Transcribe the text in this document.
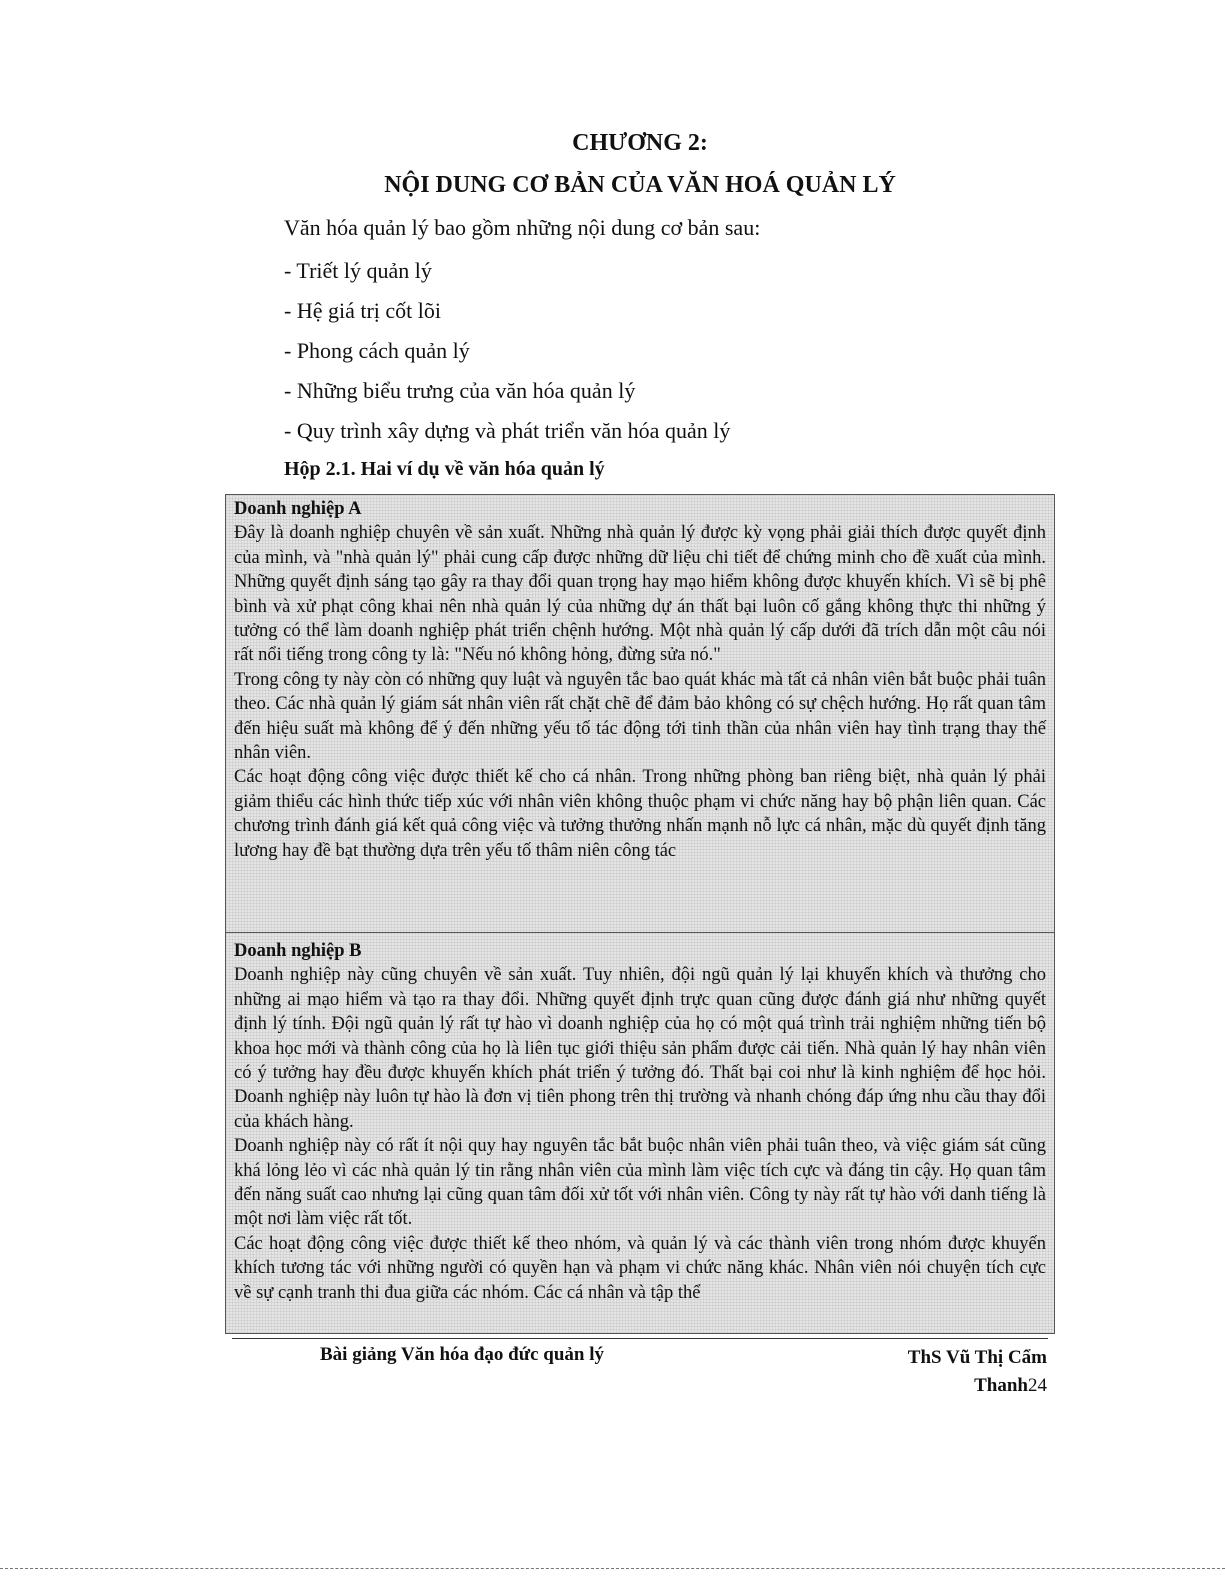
CHƯƠNG 2:
NỘI DUNG CƠ BẢN CỦA VĂN HOÁ QUẢN LÝ
Văn hóa quản lý bao gồm những nội dung cơ bản sau:
- Triết lý quản lý
- Hệ giá trị cốt lõi
- Phong cách quản lý
- Những biểu trưng của văn hóa quản lý
- Quy trình xây dựng và phát triển văn hóa quản lý
Hộp 2.1. Hai ví dụ về văn hóa quản lý

Doanh nghiệp A

Đây là doanh nghiệp chuyên về sản xuất. Những nhà quản lý được kỳ vọng phải giải thích được quyết định của mình, và "nhà quản lý" phải cung cấp được những dữ liệu chi tiết để chứng minh cho đề xuất của mình. Những quyết định sáng tạo gây ra thay đổi quan trọng hay mạo hiểm không được khuyến khích. Vì sẽ bị phê bình và xử phạt công khai nên nhà quản lý của những dự án thất bại luôn cố gắng không thực thi những ý tưởng có thể làm doanh nghiệp phát triển chệnh hướng. Một nhà quản lý cấp dưới đã trích dẫn một câu nói rất nổi tiếng trong công ty là: "Nếu nó không hỏng, đừng sửa nó."

Trong công ty này còn có những quy luật và nguyên tắc bao quát khác mà tất cả nhân viên bắt buộc phải tuân theo. Các nhà quản lý giám sát nhân viên rất chặt chẽ để đảm bảo không có sự chệch hướng. Họ rất quan tâm đến hiệu suất mà không để ý đến những yếu tố tác động tới tinh thần của nhân viên hay tình trạng thay thế nhân viên.

Các hoạt động công việc được thiết kế cho cá nhân. Trong những phòng ban riêng biệt, nhà quản lý phải giảm thiểu các hình thức tiếp xúc với nhân viên không thuộc phạm vi chức năng hay bộ phận liên quan. Các chương trình đánh giá kết quả công việc và tưởng thưởng nhấn mạnh nỗ lực cá nhân, mặc dù quyết định tăng lương hay đề bạt thường dựa trên yếu tố thâm niên công tác

Doanh nghiệp B

Doanh nghiệp này cũng chuyên về sản xuất. Tuy nhiên, đội ngũ quản lý lại khuyến khích và thưởng cho những ai mạo hiểm và tạo ra thay đổi. Những quyết định trực quan cũng được đánh giá như những quyết định lý tính. Đội ngũ quản lý rất tự hào vì doanh nghiệp của họ có một quá trình trải nghiệm những tiến bộ khoa học mới và thành công của họ là liên tục giới thiệu sản phẩm được cải tiến. Nhà quản lý hay nhân viên có ý tưởng hay đều được khuyến khích phát triển ý tưởng đó. Thất bại coi như là kinh nghiệm để học hỏi. Doanh nghiệp này luôn tự hào là đơn vị tiên phong trên thị trường và nhanh chóng đáp ứng nhu cầu thay đổi của khách hàng.

Doanh nghiệp này có rất ít nội quy hay nguyên tắc bắt buộc nhân viên phải tuân theo, và việc giám sát cũng khá lỏng lẻo vì các nhà quản lý tin rằng nhân viên của mình làm việc tích cực và đáng tin cậy. Họ quan tâm đến năng suất cao nhưng lại cũng quan tâm đối xử tốt với nhân viên. Công ty này rất tự hào với danh tiếng là một nơi làm việc rất tốt.

Các hoạt động công việc được thiết kế theo nhóm, và quản lý và các thành viên trong nhóm được khuyến khích tương tác với những người có quyền hạn và phạm vi chức năng khác. Nhân viên nói chuyện tích cực về sự cạnh tranh thi đua giữa các nhóm. Các cá nhân và tập thể

Bài giảng Văn hóa đạo đức quản lý	ThS Vũ Thị Cẩm
Thanh24
